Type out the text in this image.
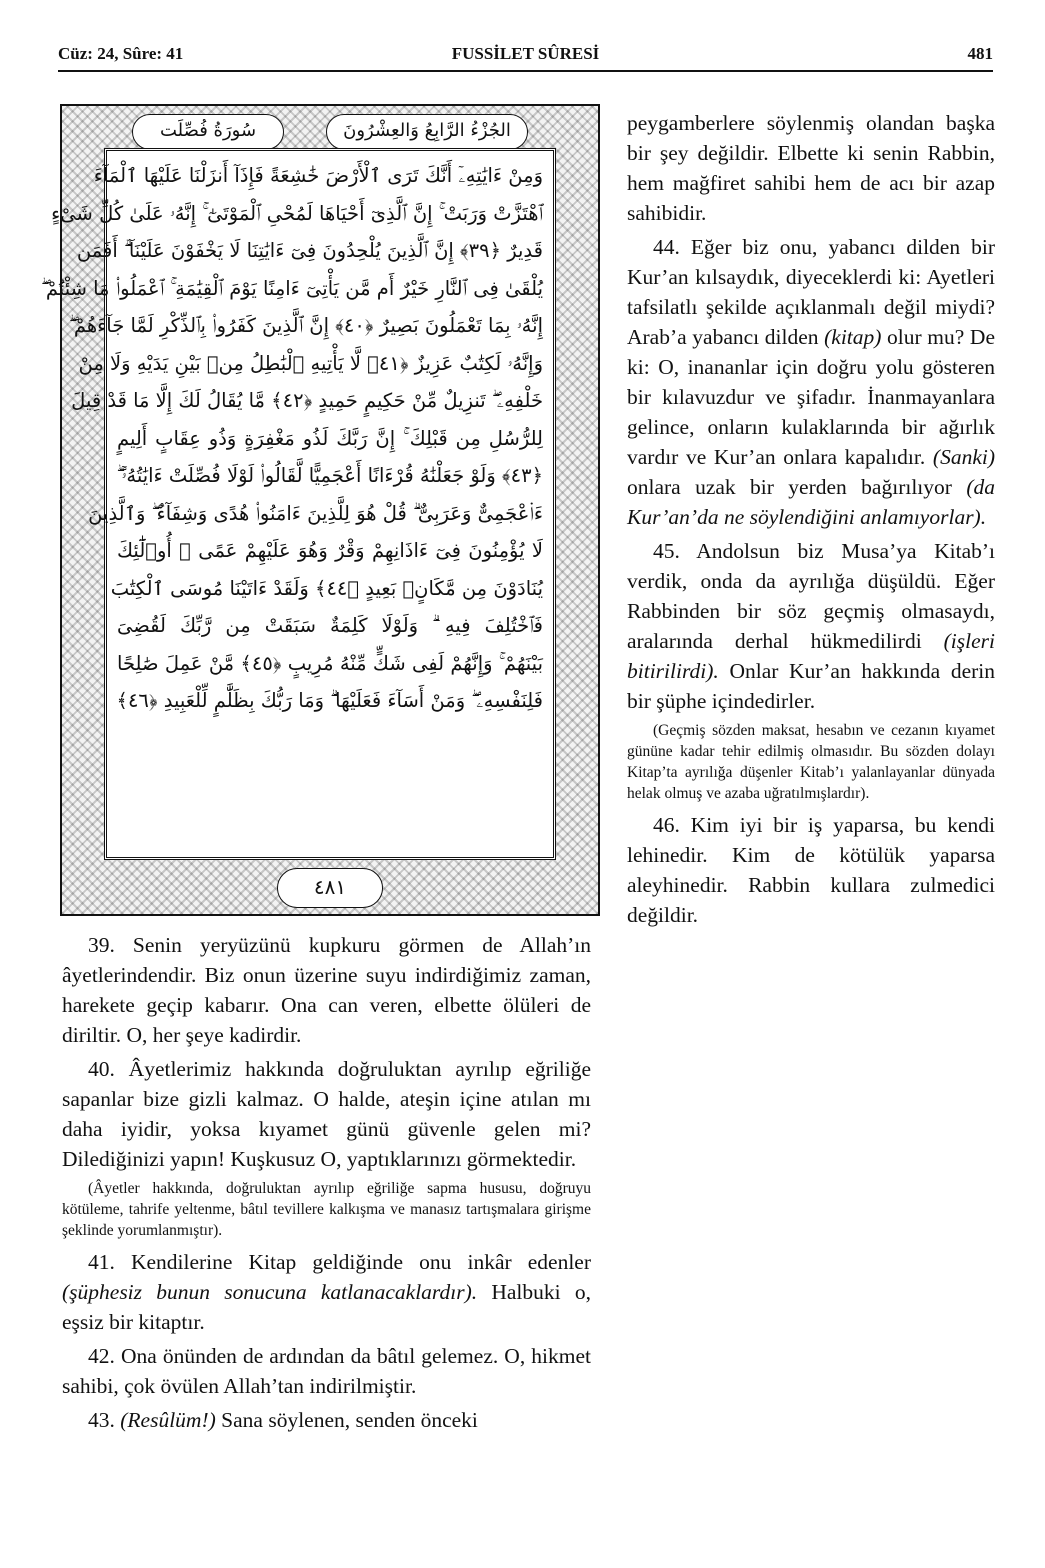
Cüz: 24, Sûre: 41	FUSSİLET SÛRESİ	481
سُورَةُ فُصِّلَت	الجُزْءُ الرَّابِعُ وَالعِشْرُونَ
وَمِنْ ءَايَٰتِهِۦٓ أَنَّكَ تَرَى ٱلْأَرْضَ خَٰشِعَةً فَإِذَآ أَنزَلْنَا عَلَيْهَا ٱلْمَآءَ
ٱهْتَزَّتْ وَرَبَتْ ۚ إِنَّ ٱلَّذِىٓ أَحْيَاهَا لَمُحْىِ ٱلْمَوْتَىٰٓ ۚ إِنَّهُۥ عَلَىٰ كُلِّ شَىْءٍ
قَدِيرٌ ﴿٣٩﴾ إِنَّ ٱلَّذِينَ يُلْحِدُونَ فِىٓ ءَايَٰتِنَا لَا يَخْفَوْنَ عَلَيْنَآ ۗ أَفَمَن
يُلْقَىٰ فِى ٱلنَّارِ خَيْرٌ أَم مَّن يَأْتِىٓ ءَامِنًا يَوْمَ ٱلْقِيَٰمَةِ ۚ ٱعْمَلُوا۟ مَا شِئْتُمْ ۖ
إِنَّهُۥ بِمَا تَعْمَلُونَ بَصِيرٌ ﴿٤٠﴾ إِنَّ ٱلَّذِينَ كَفَرُوا۟ بِٱلذِّكْرِ لَمَّا جَآءَهُمْ ۖ
وَإِنَّهُۥ لَكِتَٰبٌ عَزِيزٌ ﴿٤١﴾ لَّا يَأْتِيهِ ٱلْبَٰطِلُ مِنۢ بَيْنِ يَدَيْهِ وَلَا مِنْ
خَلْفِهِۦ ۖ تَنزِيلٌ مِّنْ حَكِيمٍ حَمِيدٍ ﴿٤٢﴾ مَّا يُقَالُ لَكَ إِلَّا مَا قَدْ قِيلَ
لِلرُّسُلِ مِن قَبْلِكَ ۚ إِنَّ رَبَّكَ لَذُو مَغْفِرَةٍ وَذُو عِقَابٍ أَلِيمٍ
﴿٤٣﴾ وَلَوْ جَعَلْنَٰهُ قُرْءَانًا أَعْجَمِيًّا لَّقَالُوا۟ لَوْلَا فُصِّلَتْ ءَايَٰتُهُۥٓ ۖ
ءَا۬عْجَمِىٌّ وَعَرَبِىٌّ ۗ قُلْ هُوَ لِلَّذِينَ ءَامَنُوا۟ هُدًى وَشِفَآءٌ ۖ وَٱلَّذِينَ
لَا يُؤْمِنُونَ فِىٓ ءَاذَانِهِمْ وَقْرٌ وَهُوَ عَلَيْهِمْ عَمًى ۚ أُو۟لَٰٓئِكَ
يُنَادَوْنَ مِن مَّكَانٍۭ بَعِيدٍ ﴿٤٤﴾ وَلَقَدْ ءَاتَيْنَا مُوسَى ٱلْكِتَٰبَ
فَٱخْتُلِفَ فِيهِ ۗ وَلَوْلَا كَلِمَةٌ سَبَقَتْ مِن رَّبِّكَ لَقُضِىَ
بَيْنَهُمْ ۚ وَإِنَّهُمْ لَفِى شَكٍّ مِّنْهُ مُرِيبٍ ﴿٤٥﴾ مَّنْ عَمِلَ صَٰلِحًا
فَلِنَفْسِهِۦ ۖ وَمَنْ أَسَآءَ فَعَلَيْهَا ۗ وَمَا رَبُّكَ بِظَلَّٰمٍ لِّلْعَبِيدِ ﴿٤٦﴾
٤٨١

39. Senin yeryüzünü kupkuru görmen de Allah’ın âyetlerindendir. Biz onun üzerine suyu indirdiğimiz zaman, harekete geçip kabarır. Ona can veren, elbette ölüleri de diriltir. O, her şeye kadirdir.

40. Âyetlerimiz hakkında doğruluktan ayrılıp eğriliğe sapanlar bize gizli kalmaz. O halde, ateşin içine atılan mı daha iyidir, yoksa kıyamet günü güvenle gelen mi? Dilediğinizi yapın! Kuşkusuz O, yaptıklarınızı görmektedir.

(Âyetler hakkında, doğruluktan ayrılıp eğriliğe sapma hususu, doğruyu kötüleme, tahrife yeltenme, bâtıl tevillere kalkışma ve manasız tartışmalara girişme şeklinde yorumlanmıştır).

41. Kendilerine Kitap geldiğinde onu inkâr edenler (şüphesiz bunun sonucuna katlanacaklardır). Halbuki o, eşsiz bir kitaptır.

42. Ona önünden de ardından da bâtıl gelemez. O, hikmet sahibi, çok övülen Allah’tan indirilmiştir.

43. (Resûlüm!) Sana söylenen, senden önceki

peygamberlere söylenmiş olandan başka bir şey değildir. Elbette ki senin Rabbin, hem mağfiret sahibi hem de acı bir azap sahibidir.

44. Eğer biz onu, yabancı dilden bir Kur’an kılsaydık, diyeceklerdi ki: Ayetleri tafsilatlı şekilde açıklanmalı değil miydi? Arab’a yabancı dilden (kitap) olur mu? De ki: O, inananlar için doğru yolu gösteren bir kılavuzdur ve şifadır. İnanmayanlara gelince, onların kulaklarında bir ağırlık vardır ve Kur’an onlara kapalıdır. (Sanki) onlara uzak bir yerden bağırılıyor (da Kur’an’da ne söylendiğini anlamıyorlar).

45. Andolsun biz Musa’ya Kitab’ı verdik, onda da ayrılığa düşüldü. Eğer Rabbinden bir söz geçmiş olmasaydı, aralarında derhal hükmedilirdi (işleri bitirilirdi). Onlar Kur’an hakkında derin bir şüphe içindedirler.

(Geçmiş sözden maksat, hesabın ve cezanın kıyamet gününe kadar tehir edilmiş olmasıdır. Bu sözden dolayı Kitap’ta ayrılığa düşenler Kitab’ı yalanlayanlar dünyada helak olmuş ve azaba uğratılmışlardır).

46. Kim iyi bir iş yaparsa, bu kendi lehinedir. Kim de kötülük yaparsa aleyhinedir. Rabbin kullara zulmedici değildir.
